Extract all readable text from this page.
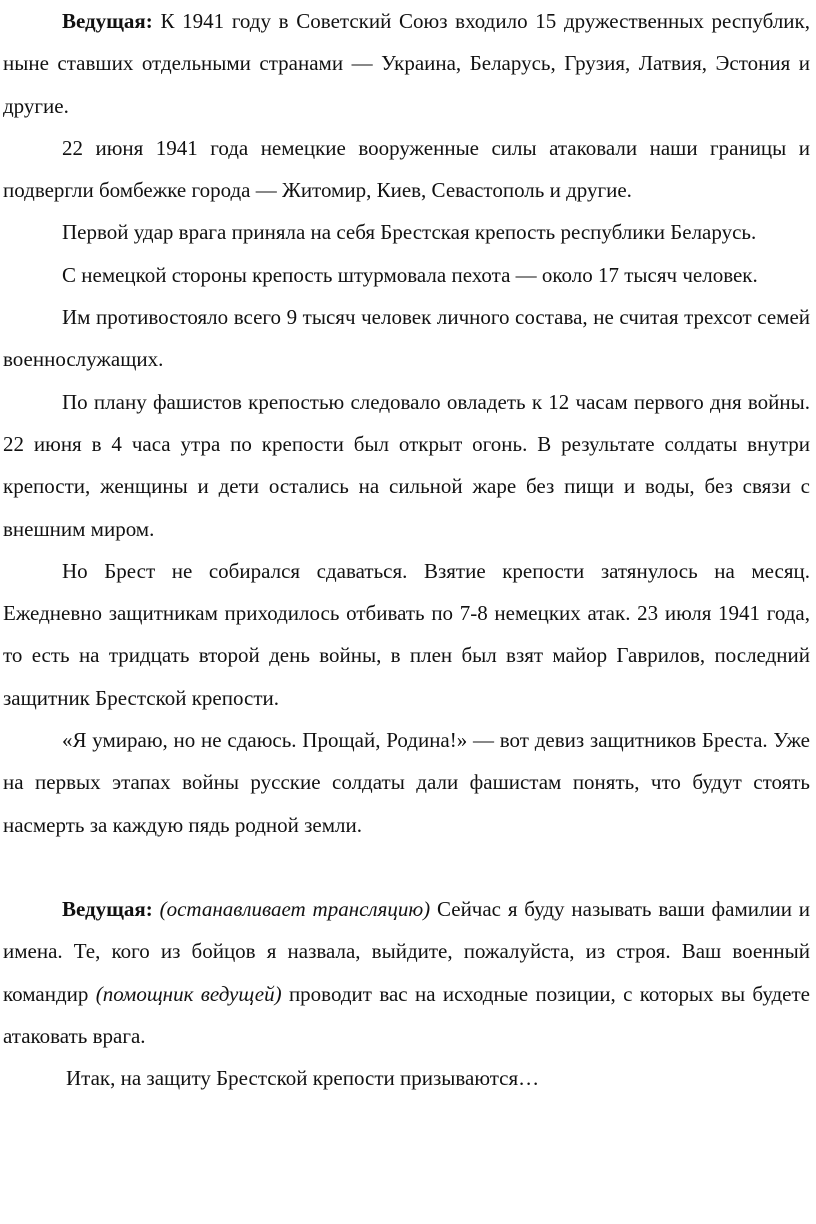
Ведущая: К 1941 году в Советский Союз входило 15 дружественных республик, ныне ставших отдельными странами — Украина, Беларусь, Грузия, Латвия, Эстония и другие.

22 июня 1941 года немецкие вооруженные силы атаковали наши границы и подвергли бомбежке города — Житомир, Киев, Севастополь и другие.

Первой удар врага приняла на себя Брестская крепость республики Беларусь.

С немецкой стороны крепость штурмовала пехота — около 17 тысяч человек.

Им противостояло всего 9 тысяч человек личного состава, не считая трехсот семей военнослужащих.

По плану фашистов крепостью следовало овладеть к 12 часам первого дня войны. 22 июня в 4 часа утра по крепости был открыт огонь. В результате солдаты внутри крепости, женщины и дети остались на сильной жаре без пищи и воды, без связи с внешним миром.

Но Брест не собирался сдаваться. Взятие крепости затянулось на месяц. Ежедневно защитникам приходилось отбивать по 7-8 немецких атак. 23 июля 1941 года, то есть на тридцать второй день войны, в плен был взят майор Гаврилов, последний защитник Брестской крепости.

«Я умираю, но не сдаюсь. Прощай, Родина!» — вот девиз защитников Бреста. Уже на первых этапах войны русские солдаты дали фашистам понять, что будут стоять насмерть за каждую пядь родной земли.

Ведущая: (останавливает трансляцию) Сейчас я буду называть ваши фамилии и имена. Те, кого из бойцов я назвала, выйдите, пожалуйста, из строя. Ваш военный командир (помощник ведущей) проводит вас на исходные позиции, с которых вы будете атаковать врага.

Итак, на защиту Брестской крепости призываются…
